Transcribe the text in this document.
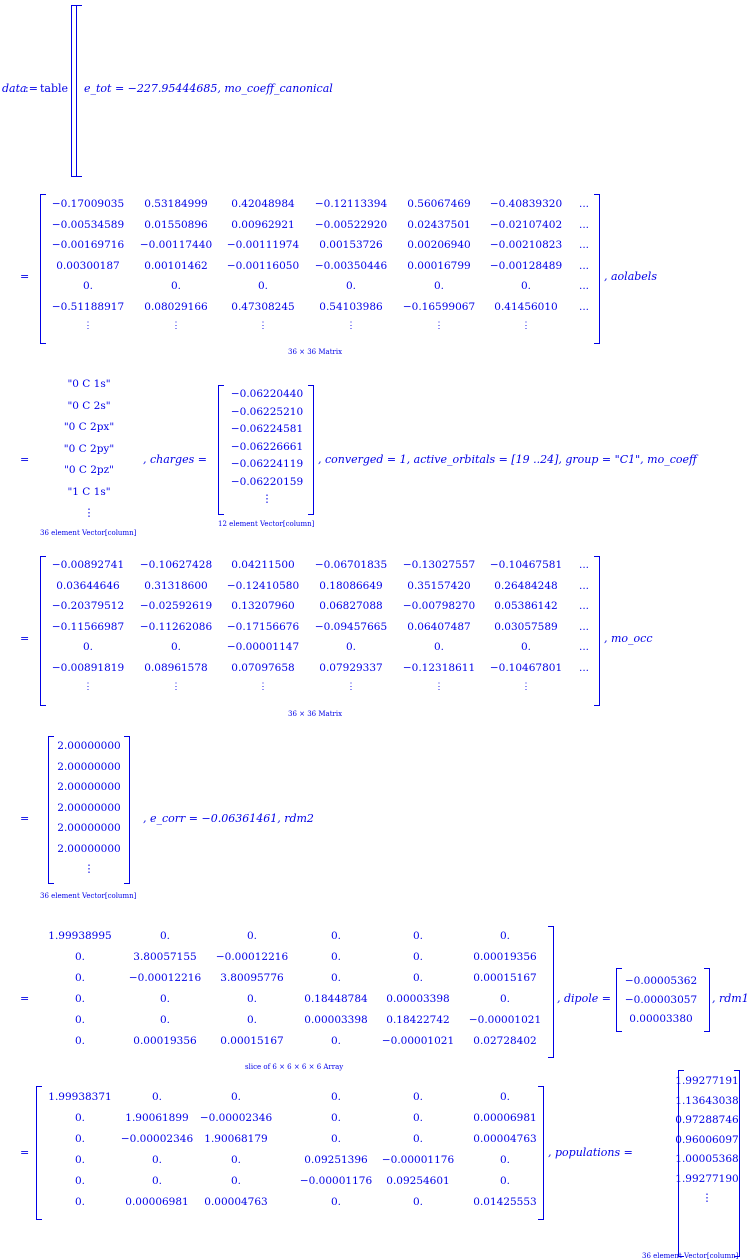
data
:= table e_tot = −227.95444685, mo_coeff_canonical
=
−0.17009035	0.53184999	0.42048984	−0.12113394	0.56067469	−0.40839320	...
−0.00534589	0.01550896	0.00962921	−0.00522920	0.02437501	−0.02107402	...
−0.00169716	−0.00117440	−0.00111974	0.00153726	0.00206940	−0.00210823	...
0.00300187	0.00101462	−0.00116050	−0.00350446	0.00016799	−0.00128489	...
0.	0.	0.	0.	0.	0.	...
−0.51188917	0.08029166	0.47308245	0.54103986	−0.16599067	0.41456010	...
⋮	⋮	⋮	⋮	⋮	⋮
36 × 36 Matrix
, aolabels
=
"0 C 1s"
"0 C 2s"
"0 C 2px"
"0 C 2py"
"0 C 2pz"
"1 C 1s"
⋮
36 element Vector[column]
, charges =
−0.06220440
−0.06225210
−0.06224581
−0.06226661
−0.06224119
−0.06220159
⋮
12 element Vector[column]
, converged = 1, active_orbitals = [19 ..24], group = "C1", mo_coeff
=
−0.00892741	−0.10627428	0.04211500	−0.06701835	−0.13027557	−0.10467581	...
0.03644646	0.31318600	−0.12410580	0.18086649	0.35157420	0.26484248	...
−0.20379512	−0.02592619	0.13207960	0.06827088	−0.00798270	0.05386142	...
−0.11566987	−0.11262086	−0.17156676	−0.09457665	0.06407487	0.03057589	...
0.	0.	−0.00001147	0.	0.	0.	...
−0.00891819	0.08961578	0.07097658	0.07929337	−0.12318611	−0.10467801	...
⋮	⋮	⋮	⋮	⋮	⋮
36 × 36 Matrix
, mo_occ
=
2.00000000
2.00000000
2.00000000
2.00000000
2.00000000
2.00000000
⋮
36 element Vector[column]
, e_corr = −0.06361461, rdm2
=
1.99938995	0.	0.	0.	0.	0.
0.	3.80057155	−0.00012216	0.	0.	0.00019356
0.	−0.00012216	3.80095776	0.	0.	0.00015167
0.	0.	0.	0.18448784	0.00003398	0.
0.	0.	0.	0.00003398	0.18422742	−0.00001021
0.	0.00019356	0.00015167	0.	−0.00001021	0.02728402
slice of 6 × 6 × 6 × 6 Array
, dipole =
−0.00005362
−0.00003057
0.00003380
, rdm1
=
1.99938371	0.	0.	0.	0.	0.
0.	1.90061899	−0.00002346	0.	0.	0.00006981
0.	−0.00002346	1.90068179	0.	0.	0.00004763
0.	0.	0.	0.09251396	−0.00001176	0.
0.	0.	0.	−0.00001176	0.09254601	0.
0.	0.00006981	0.00004763	0.	0.	0.01425553
, populations =
1.99277191
1.13643038
0.97288746
0.96006097
1.00005368
1.99277190
⋮
36 element Vector[column]
